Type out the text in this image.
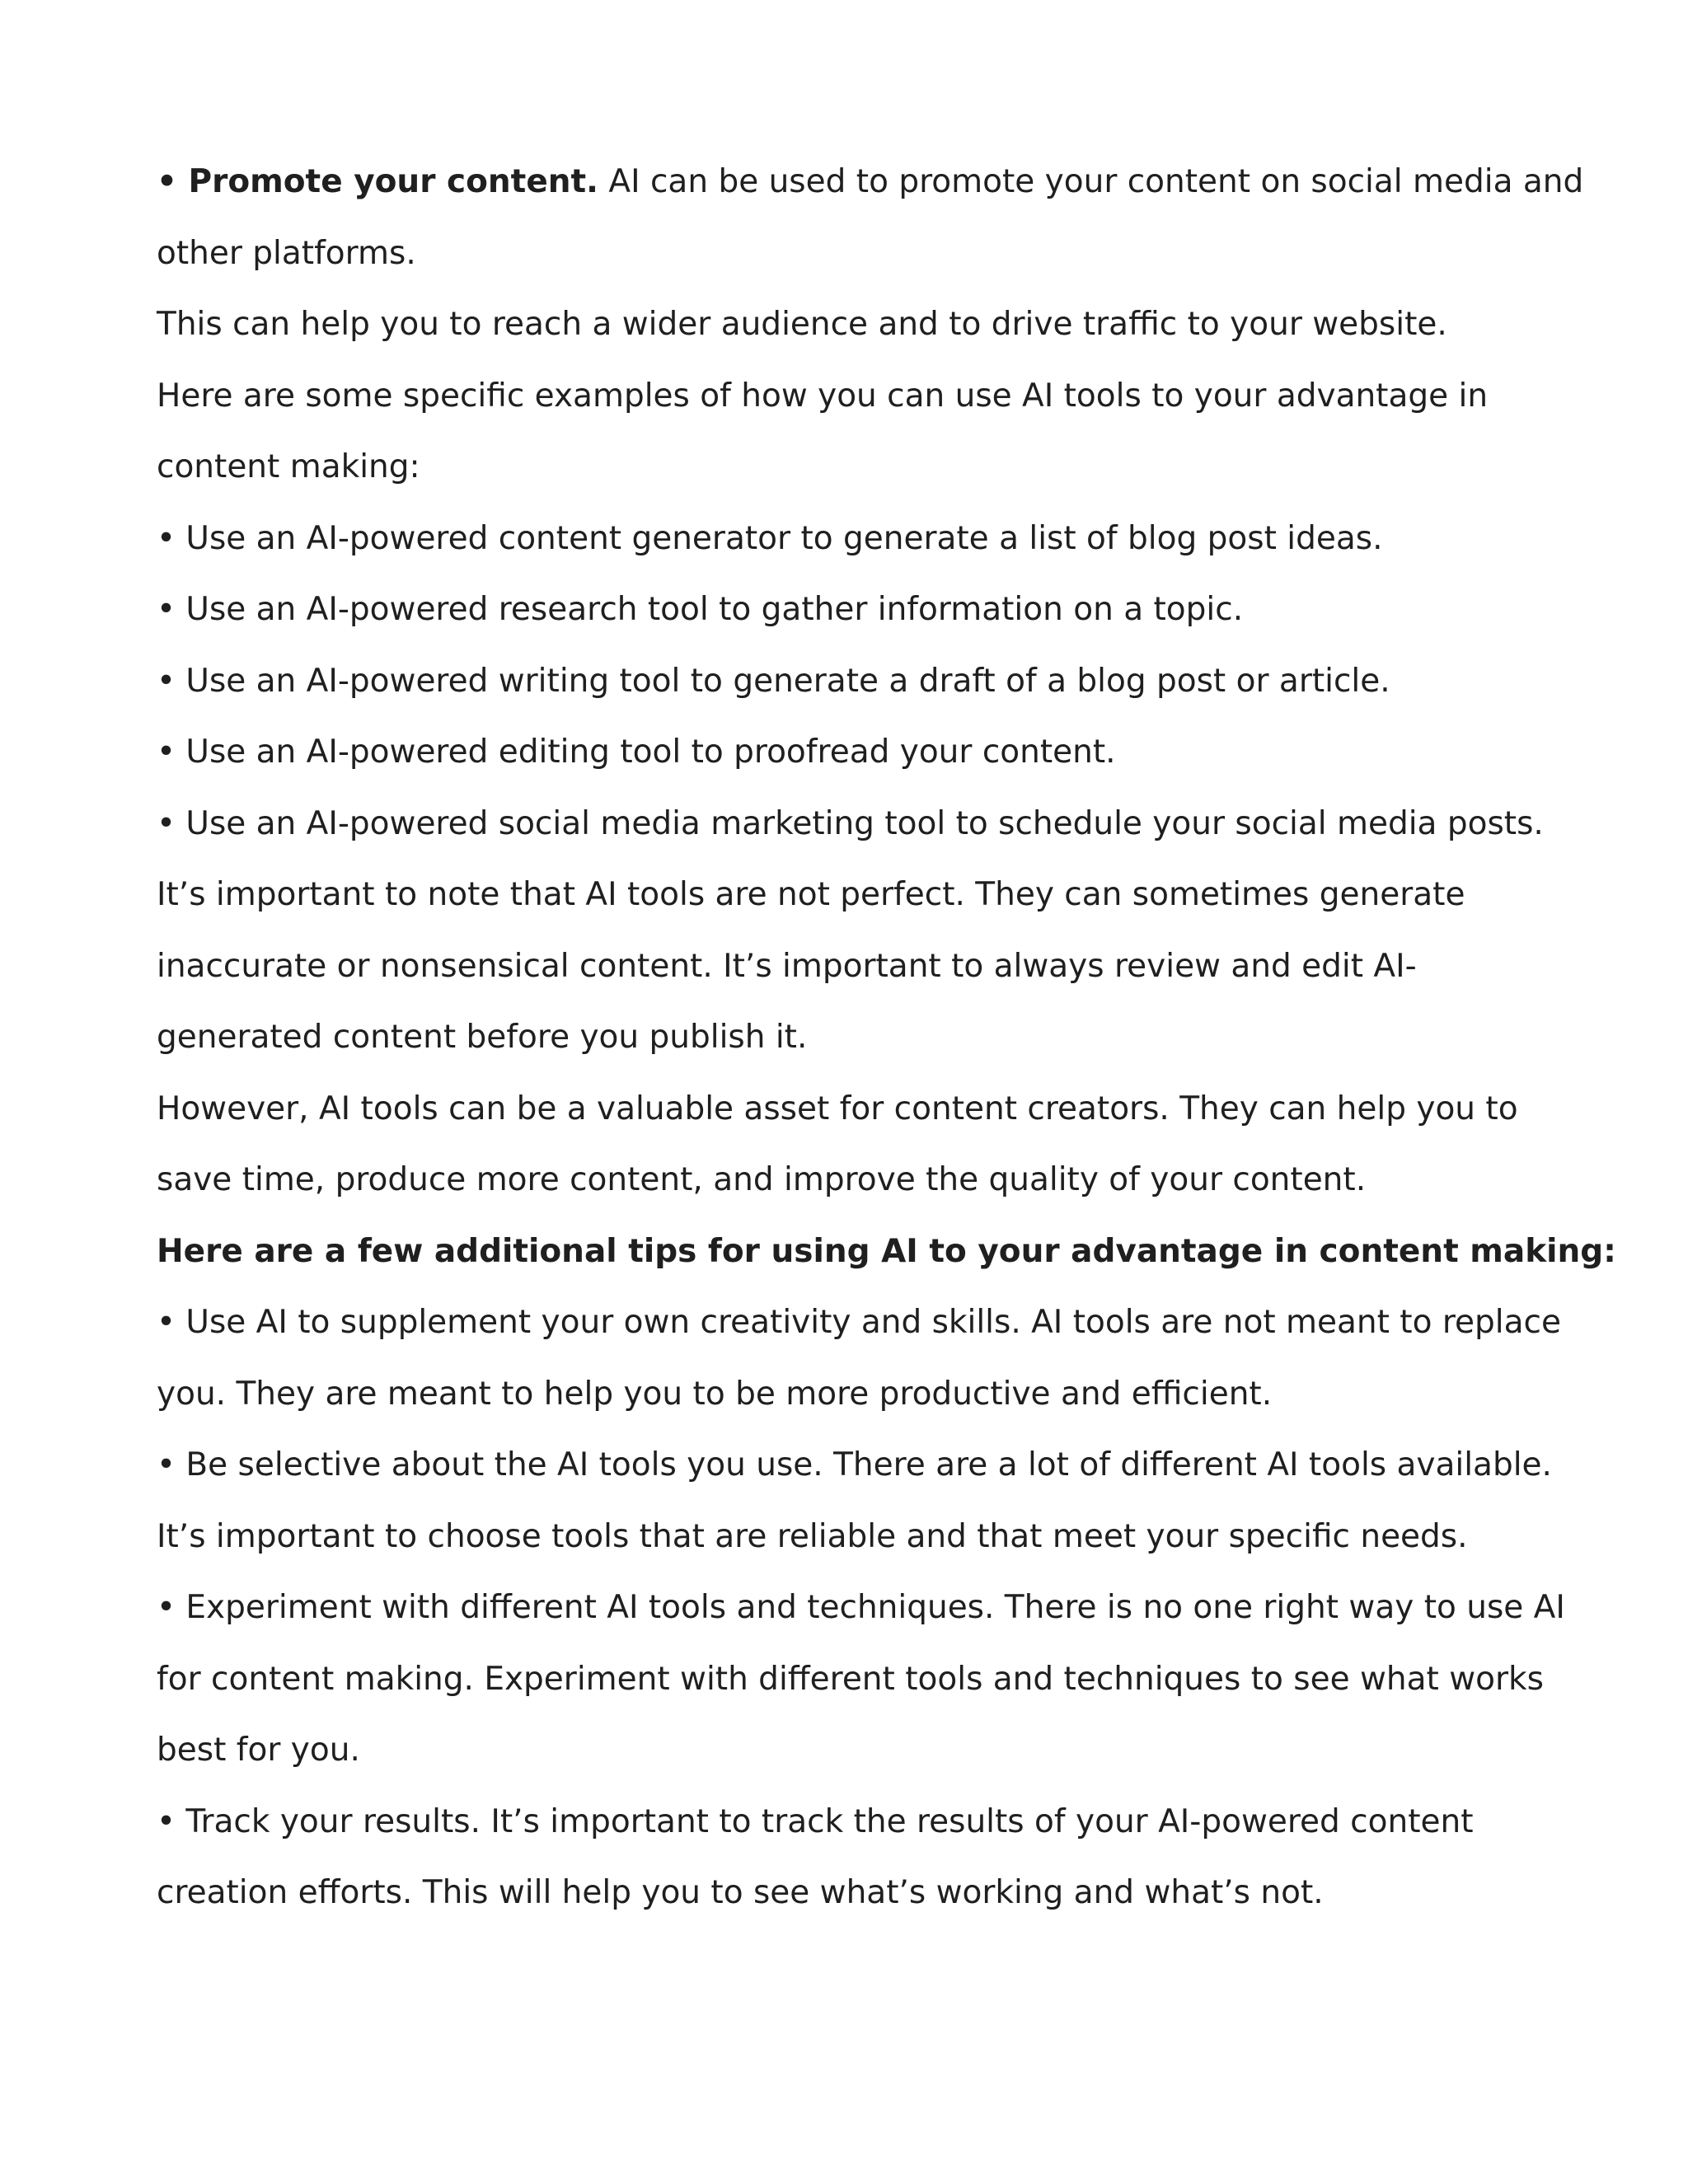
• Promote your content. AI can be used to promote your content on social media and
other platforms.
This can help you to reach a wider audience and to drive traffic to your website.
Here are some specific examples of how you can use AI tools to your advantage in
content making:
• Use an AI-powered content generator to generate a list of blog post ideas.
• Use an AI-powered research tool to gather information on a topic.
• Use an AI-powered writing tool to generate a draft of a blog post or article.
• Use an AI-powered editing tool to proofread your content.
• Use an AI-powered social media marketing tool to schedule your social media posts.
It’s important to note that AI tools are not perfect. They can sometimes generate
inaccurate or nonsensical content. It’s important to always review and edit AI-
generated content before you publish it.
However, AI tools can be a valuable asset for content creators. They can help you to
save time, produce more content, and improve the quality of your content.
Here are a few additional tips for using AI to your advantage in content making:
• Use AI to supplement your own creativity and skills. AI tools are not meant to replace
you. They are meant to help you to be more productive and efficient.
• Be selective about the AI tools you use. There are a lot of different AI tools available.
It’s important to choose tools that are reliable and that meet your specific needs.
• Experiment with different AI tools and techniques. There is no one right way to use AI
for content making. Experiment with different tools and techniques to see what works
best for you.
• Track your results. It’s important to track the results of your AI-powered content
creation efforts. This will help you to see what’s working and what’s not.
